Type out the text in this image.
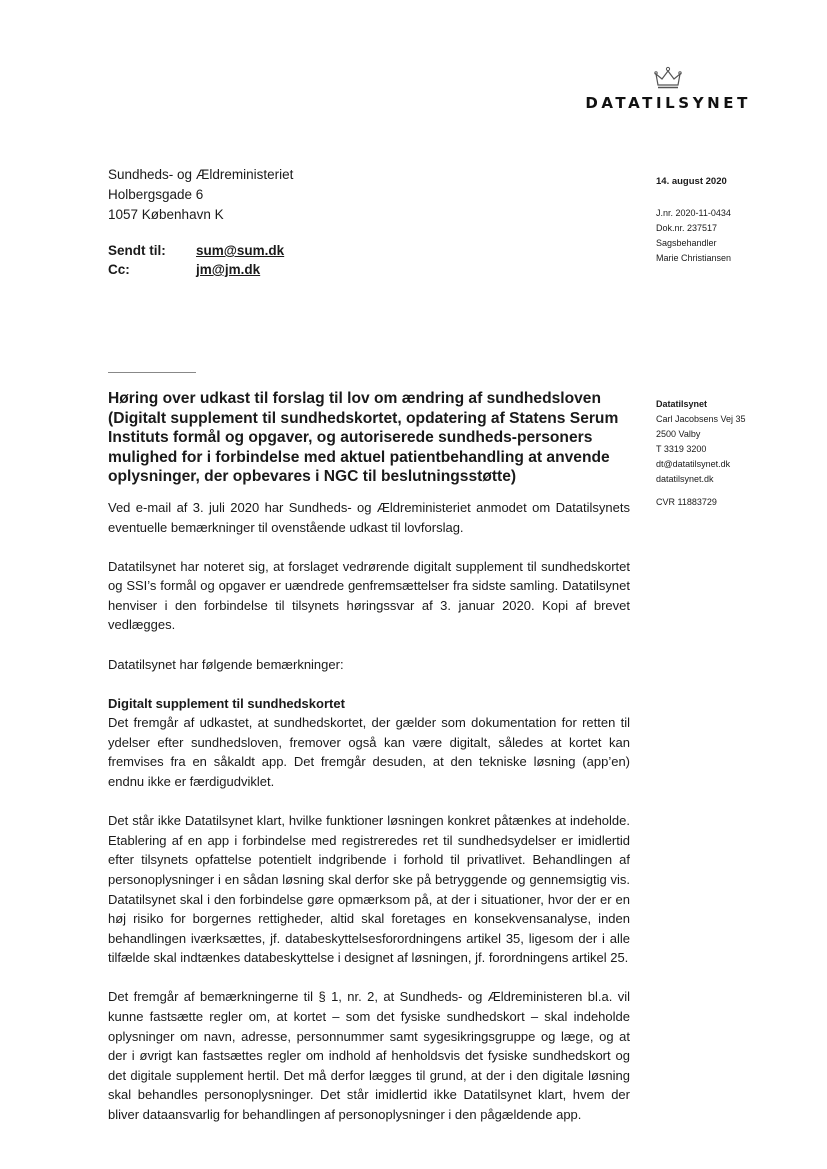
DATATILSYNET
Sundheds- og Ældreministeriet
Holbergsgade 6
1057 København K
Sendt til:	sum@sum.dk
Cc:	jm@jm.dk
14. august 2020
J.nr. 2020-11-0434
Dok.nr. 237517
Sagsbehandler
Marie Christiansen
Høring over udkast til forslag til lov om ændring af sundhedsloven (Digitalt supplement til sundhedskortet, opdatering af Statens Serum Instituts formål og opgaver, og autoriserede sundheds-personers mulighed for i forbindelse med aktuel patientbehandling at anvende oplysninger, der opbevares i NGC til beslutningsstøtte)
Datatilsynet
Carl Jacobsens Vej 35
2500 Valby
T 3319 3200
dt@datatilsynet.dk
datatilsynet.dk
CVR 11883729

Ved e-mail af 3. juli 2020 har Sundheds- og Ældreministeriet anmodet om Datatilsynets eventuelle bemærkninger til ovenstående udkast til lovforslag.

Datatilsynet har noteret sig, at forslaget vedrørende digitalt supplement til sundhedskortet og SSI’s formål og opgaver er uændrede genfremsættelser fra sidste samling. Datatilsynet henviser i den forbindelse til tilsynets høringssvar af 3. januar 2020. Kopi af brevet vedlægges.

Datatilsynet har følgende bemærkninger:

Digitalt supplement til sundhedskortet

Det fremgår af udkastet, at sundhedskortet, der gælder som dokumentation for retten til ydelser efter sundhedsloven, fremover også kan være digitalt, således at kortet kan fremvises fra en såkaldt app. Det fremgår desuden, at den tekniske løsning (app’en) endnu ikke er færdigudviklet.

Det står ikke Datatilsynet klart, hvilke funktioner løsningen konkret påtænkes at indeholde. Etablering af en app i forbindelse med registreredes ret til sundhedsydelser er imidlertid efter tilsynets opfattelse potentielt indgribende i forhold til privatlivet. Behandlingen af personoplysninger i en sådan løsning skal derfor ske på betryggende og gennemsigtig vis. Datatilsynet skal i den forbindelse gøre opmærksom på, at der i situationer, hvor der er en høj risiko for borgernes rettigheder, altid skal foretages en konsekvensanalyse, inden behandlingen iværksættes, jf. databeskyttelsesforordningens artikel 35, ligesom der i alle tilfælde skal indtænkes databeskyttelse i designet af løsningen, jf. forordningens artikel 25.

Det fremgår af bemærkningerne til § 1, nr. 2, at Sundheds- og Ældreministeren bl.a. vil kunne fastsætte regler om, at kortet – som det fysiske sundhedskort – skal indeholde oplysninger om navn, adresse, personnummer samt sygesikringsgruppe og læge, og at der i øvrigt kan fastsættes regler om indhold af henholdsvis det fysiske sundhedskort og det digitale supplement hertil. Det må derfor lægges til grund, at der i den digitale løsning skal behandles personoplysninger. Det står imidlertid ikke Datatilsynet klart, hvem der bliver dataansvarlig for behandlingen af personoplysninger i den pågældende app.
